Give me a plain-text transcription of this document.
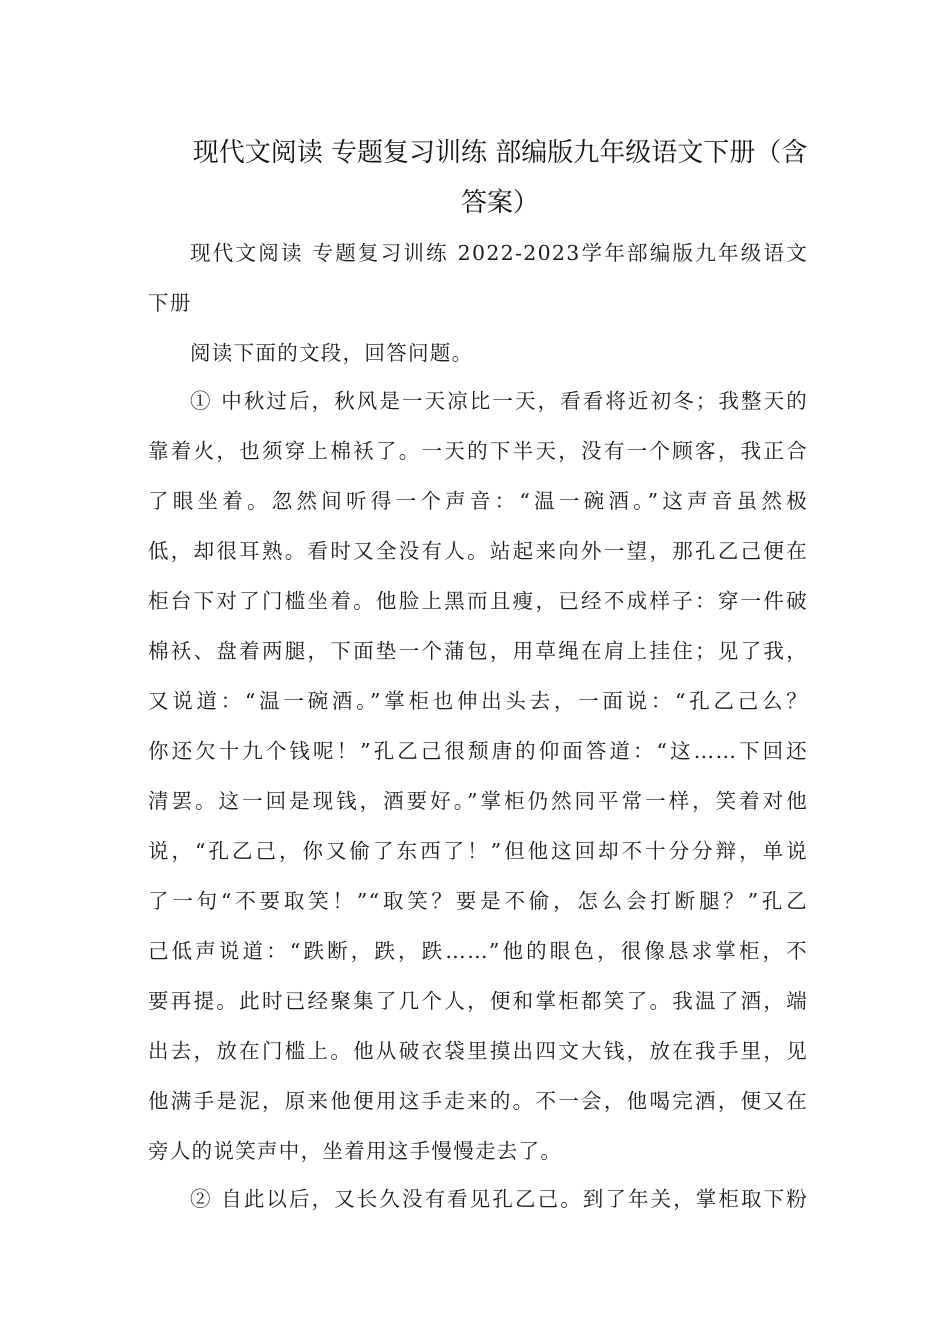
现代文阅读 专题复习训练 部编版九年级语文下册（含
答案）
现代文阅读 专题复习训练 2022-2023学年部编版九年级语文
下册
阅读下面的文段，回答问题。
① 中秋过后，秋风是一天凉比一天，看看将近初冬；我整天的
靠着火，也须穿上棉袄了。一天的下半天，没有一个顾客，我正合
了眼坐着。忽然间听得一个声音：“温一碗酒。”这声音虽然极
低，却很耳熟。看时又全没有人。站起来向外一望，那孔乙己便在
柜台下对了门槛坐着。他脸上黑而且瘦，已经不成样子：穿一件破
棉袄、盘着两腿，下面垫一个蒲包，用草绳在肩上挂住；见了我，
又说道：“温一碗酒。”掌柜也伸出头去，一面说：“孔乙己么？
你还欠十九个钱呢！”孔乙己很颓唐的仰面答道：“这……下回还
清罢。这一回是现钱，酒要好。”掌柜仍然同平常一样，笑着对他
说，“孔乙己，你又偷了东西了！”但他这回却不十分分辩，单说
了一句“不要取笑！”“取笑？要是不偷，怎么会打断腿？”孔乙
己低声说道：“跌断，跌，跌……”他的眼色，很像恳求掌柜，不
要再提。此时已经聚集了几个人，便和掌柜都笑了。我温了酒，端
出去，放在门槛上。他从破衣袋里摸出四文大钱，放在我手里，见
他满手是泥，原来他便用这手走来的。不一会，他喝完酒，便又在
旁人的说笑声中，坐着用这手慢慢走去了。
② 自此以后，又长久没有看见孔乙己。到了年关，掌柜取下粉
